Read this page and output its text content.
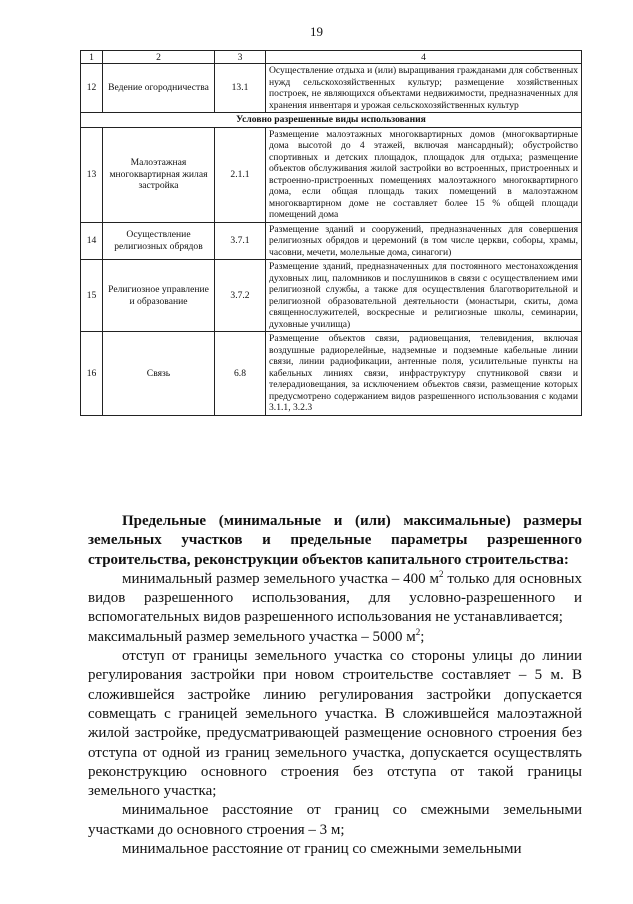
19
1	2	3	4
12	Ведение огородничества	13.1	Осуществление отдыха и (или) выращивания гражданами для собственных нужд сельскохозяйственных культур; размещение хозяйственных построек, не являющихся объектами недвижимости, предназначенных для хранения инвентаря и урожая сельскохозяйственных культур
Условно разрешенные виды использования			
13	Малоэтажная многоквартирная жилая застройка	2.1.1	Размещение малоэтажных многоквартирных домов (многоквартирные дома высотой до 4 этажей, включая мансардный); обустройство спортивных и детских площадок, площадок для отдыха; размещение объектов обслуживания жилой застройки во встроенных, пристроенных и встроенно-пристроенных помещениях малоэтажного многоквартирного дома, если общая площадь таких помещений в малоэтажном многоквартирном доме не составляет более 15 % общей площади помещений дома
14	Осуществление религиозных обрядов	3.7.1	Размещение зданий и сооружений, предназначенных для совершения религиозных обрядов и церемоний (в том числе церкви, соборы, храмы, часовни, мечети, молельные дома, синагоги)
15	Религиозное управление и образование	3.7.2	Размещение зданий, предназначенных для постоянного местонахождения духовных лиц, паломников и послушников в связи с осуществлением ими религиозной службы, а также для осуществления благотворительной и религиозной образовательной деятельности (монастыри, скиты, дома священнослужителей, воскресные и религиозные школы, семинарии, духовные училища)
16	Связь	6.8	Размещение объектов связи, радиовещания, телевидения, включая воздушные радиорелейные, надземные и подземные кабельные линии связи, линии радиофикации, антенные поля, усилительные пункты на кабельных линиях связи, инфраструктуру спутниковой связи и телерадиовещания, за исключением объектов связи, размещение которых предусмотрено содержанием видов разрешенного использования с кодами 3.1.1, 3.2.3

Предельные (минимальные и (или) максимальные) размеры земельных участков и предельные параметры разрешенного строительства, реконструкции объектов капитального строительства:

минимальный размер земельного участка – 400 $м^2$ только для основных видов разрешенного использования, для условно-разрешенного и вспомогательных видов разрешенного использования не устанавливается;

максимальный размер земельного участка – 5000 $м^2$;

отступ от границы земельного участка со стороны улицы до линии регулирования застройки при новом строительстве составляет – 5 м. В сложившейся застройке линию регулирования застройки допускается совмещать с границей земельного участка. В сложившейся малоэтажной жилой застройке, предусматривающей размещение основного строения без отступа от одной из границ земельного участка, допускается осуществлять реконструкцию основного строения без отступа от такой границы земельного участка;

минимальное расстояние от границ со смежными земельными участками до основного строения – 3 м;

минимальное расстояние от границ со смежными земельными
